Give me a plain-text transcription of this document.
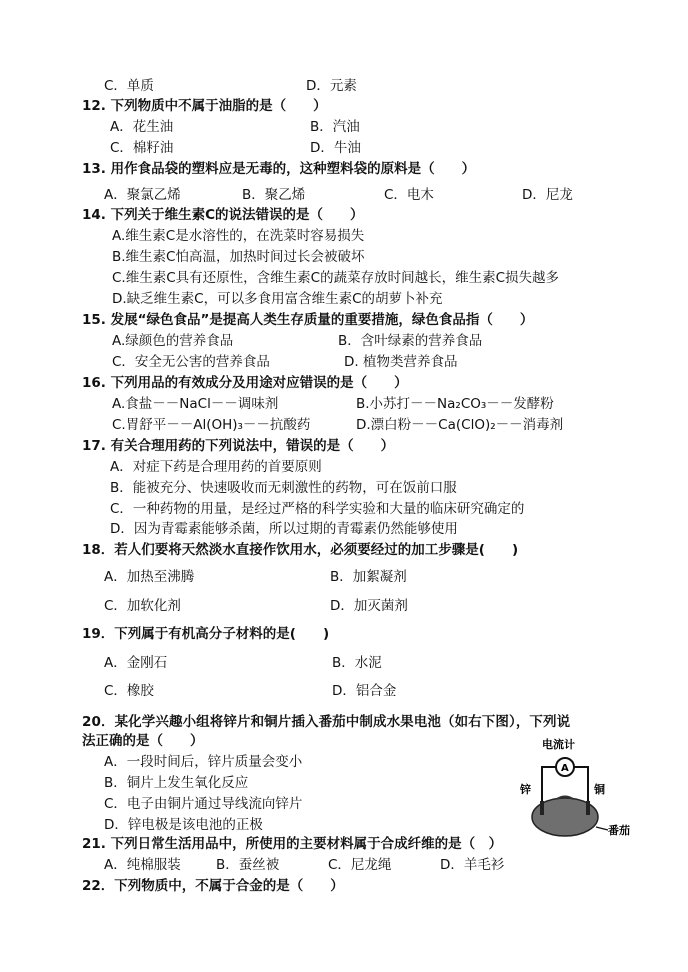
C．单质	D．元素
12. 下列物质中不属于油脂的是（　　）
A．花生油	B．汽油
C．棉籽油	D．牛油
13. 用作食品袋的塑料应是无毒的，这种塑料袋的原料是（　　）
A．聚氯乙烯	B．聚乙烯	C．电木	D．尼龙
14. 下列关于维生素C的说法错误的是（　　）
A.维生素C是水溶性的，在洗菜时容易损失
B.维生素C怕高温，加热时间过长会被破坏
C.维生素C具有还原性，含维生素C的蔬菜存放时间越长，维生素C损失越多
D.缺乏维生素C，可以多食用富含维生素C的胡萝卜补充
15. 发展“绿色食品”是提高人类生存质量的重要措施，绿色食品指（　　）
A.绿颜色的营养食品	B．含叶绿素的营养食品
C．安全无公害的营养食品	D. 植物类营养食品
16. 下列用品的有效成分及用途对应错误的是（　　）
A.食盐－－NaCl－－调味剂	B.小苏打－－Na₂CO₃－－发酵粉
C.胃舒平－－Al(OH)₃－－抗酸药	D.漂白粉－－Ca(ClO)₂－－消毒剂
17. 有关合理用药的下列说法中，错误的是（　　）
A．对症下药是合理用药的首要原则
B．能被充分、快速吸收而无刺激性的药物，可在饭前口服
C．一种药物的用量，是经过严格的科学实验和大量的临床研究确定的
D．因为青霉素能够杀菌，所以过期的青霉素仍然能够使用
18．若人们要将天然淡水直接作饮用水，必须要经过的加工步骤是(　　)
A．加热至沸腾	B．加絮凝剂
C．加软化剂	D．加灭菌剂
19．下列属于有机高分子材料的是(　　)
A．金刚石	B．水泥
C．橡胶	D．铝合金
20．某化学兴趣小组将锌片和铜片插入番茄中制成水果电池（如右下图），下列说
法正确的是（　　）
A．一段时间后，锌片质量会变小
B．铜片上发生氧化反应
C．电子由铜片通过导线流向锌片
D．锌电极是该电池的正极
电流计
A
锌	铜
番茄
21. 下列日常生活用品中，所使用的主要材料属于合成纤维的是（　）
A．纯棉服装	B．蚕丝被	C．尼龙绳	D．羊毛衫
22．下列物质中，不属于合金的是（　　）
